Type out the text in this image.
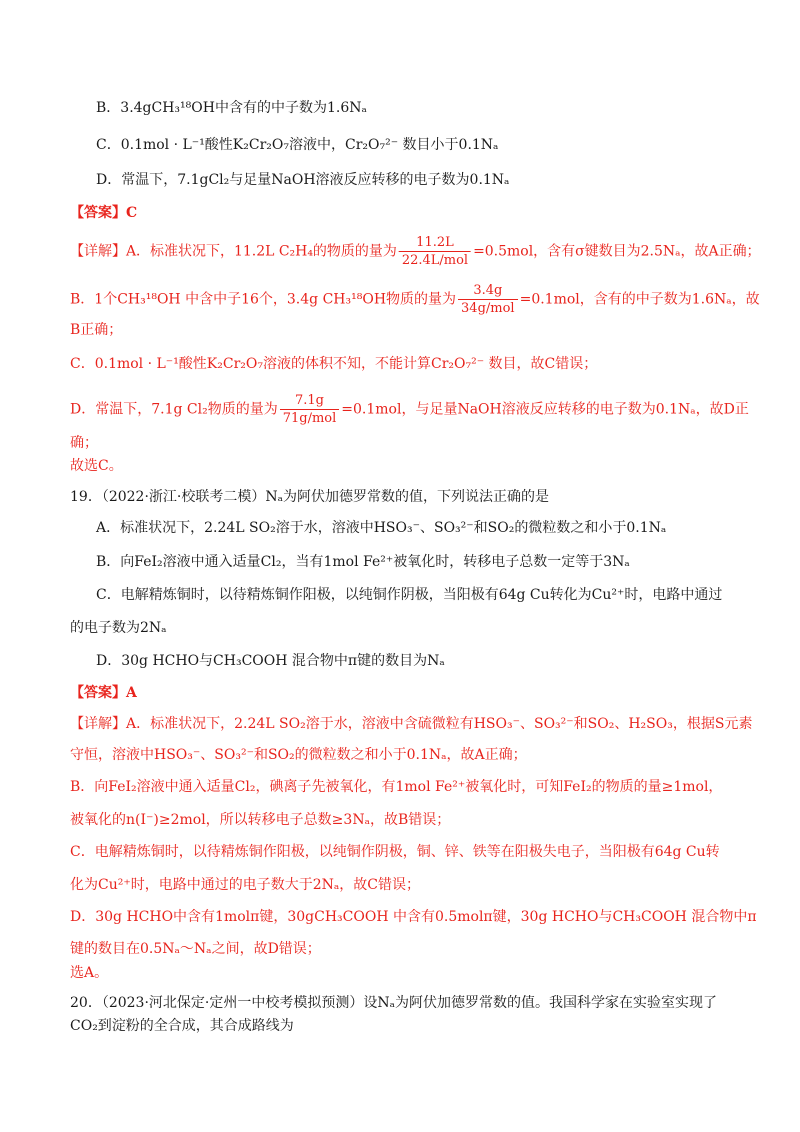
B．3.4gCH₃¹⁸OH中含有的中子数为1.6Nₐ
C．0.1mol · L⁻¹酸性K₂Cr₂O₇溶液中，Cr₂O₇²⁻ 数目小于0.1Nₐ
D．常温下，7.1gCl₂与足量NaOH溶液反应转移的电子数为0.1Nₐ
【答案】C
【详解】A．标准状况下，11.2L C₂H₄的物质的量为 $\frac{11.2L}{\text{22.4L/mol}} =0.5mol$，含有σ键数目为2.5Nₐ，故A正确；
B．1个CH₃¹⁸OH 中含中子16个，3.4g CH₃¹⁸OH物质的量为 $\frac{3.4g}{\text{34g/mol}} =0.1mol$，含有的中子数为1.6Nₐ，故
B正确；
C．0.1mol · L⁻¹酸性K₂Cr₂O₇溶液的体积不知，不能计算Cr₂O₇²⁻ 数目，故C错误；
D．常温下，7.1g Cl₂物质的量为 $\frac{7.1g}{\text{71g/mol}} =0.1mol$，与足量NaOH溶液反应转移的电子数为0.1Nₐ，故D正
确；
故选C。
19．（2022·浙江·校联考二模）Nₐ为阿伏加德罗常数的值，下列说法正确的是
A．标准状况下，2.24L SO₂溶于水，溶液中HSO₃⁻、SO₃²⁻和SO₂的微粒数之和小于0.1Nₐ
B．向FeI₂溶液中通入适量Cl₂，当有1mol Fe²⁺被氧化时，转移电子总数一定等于3Nₐ
C．电解精炼铜时，以待精炼铜作阳极，以纯铜作阴极，当阳极有64g Cu转化为Cu²⁺时，电路中通过
的电子数为2Nₐ
D．30g HCHO与CH₃COOH 混合物中π键的数目为Nₐ
【答案】A
【详解】A．标准状况下，2.24L SO₂溶于水，溶液中含硫微粒有HSO₃⁻、SO₃²⁻和SO₂、H₂SO₃，根据S元素
守恒，溶液中HSO₃⁻、SO₃²⁻和SO₂的微粒数之和小于0.1Nₐ，故A正确；
B．向FeI₂溶液中通入适量Cl₂，碘离子先被氧化，有1mol Fe²⁺被氧化时，可知FeI₂的物质的量≥1mol，
被氧化的n(I⁻)≥2mol，所以转移电子总数≥3Nₐ，故B错误；
C．电解精炼铜时，以待精炼铜作阳极，以纯铜作阴极，铜、锌、铁等在阳极失电子，当阳极有64g Cu转
化为Cu²⁺时，电路中通过的电子数大于2Nₐ，故C错误；
D．30g HCHO中含有1molπ键，30gCH₃COOH 中含有0.5molπ键，30g HCHO与CH₃COOH 混合物中π
键的数目在0.5Nₐ～Nₐ之间，故D错误；
选A。
20．（2023·河北保定·定州一中校考模拟预测）设Nₐ为阿伏加德罗常数的值。我国科学家在实验室实现了
CO₂到淀粉的全合成，其合成路线为
